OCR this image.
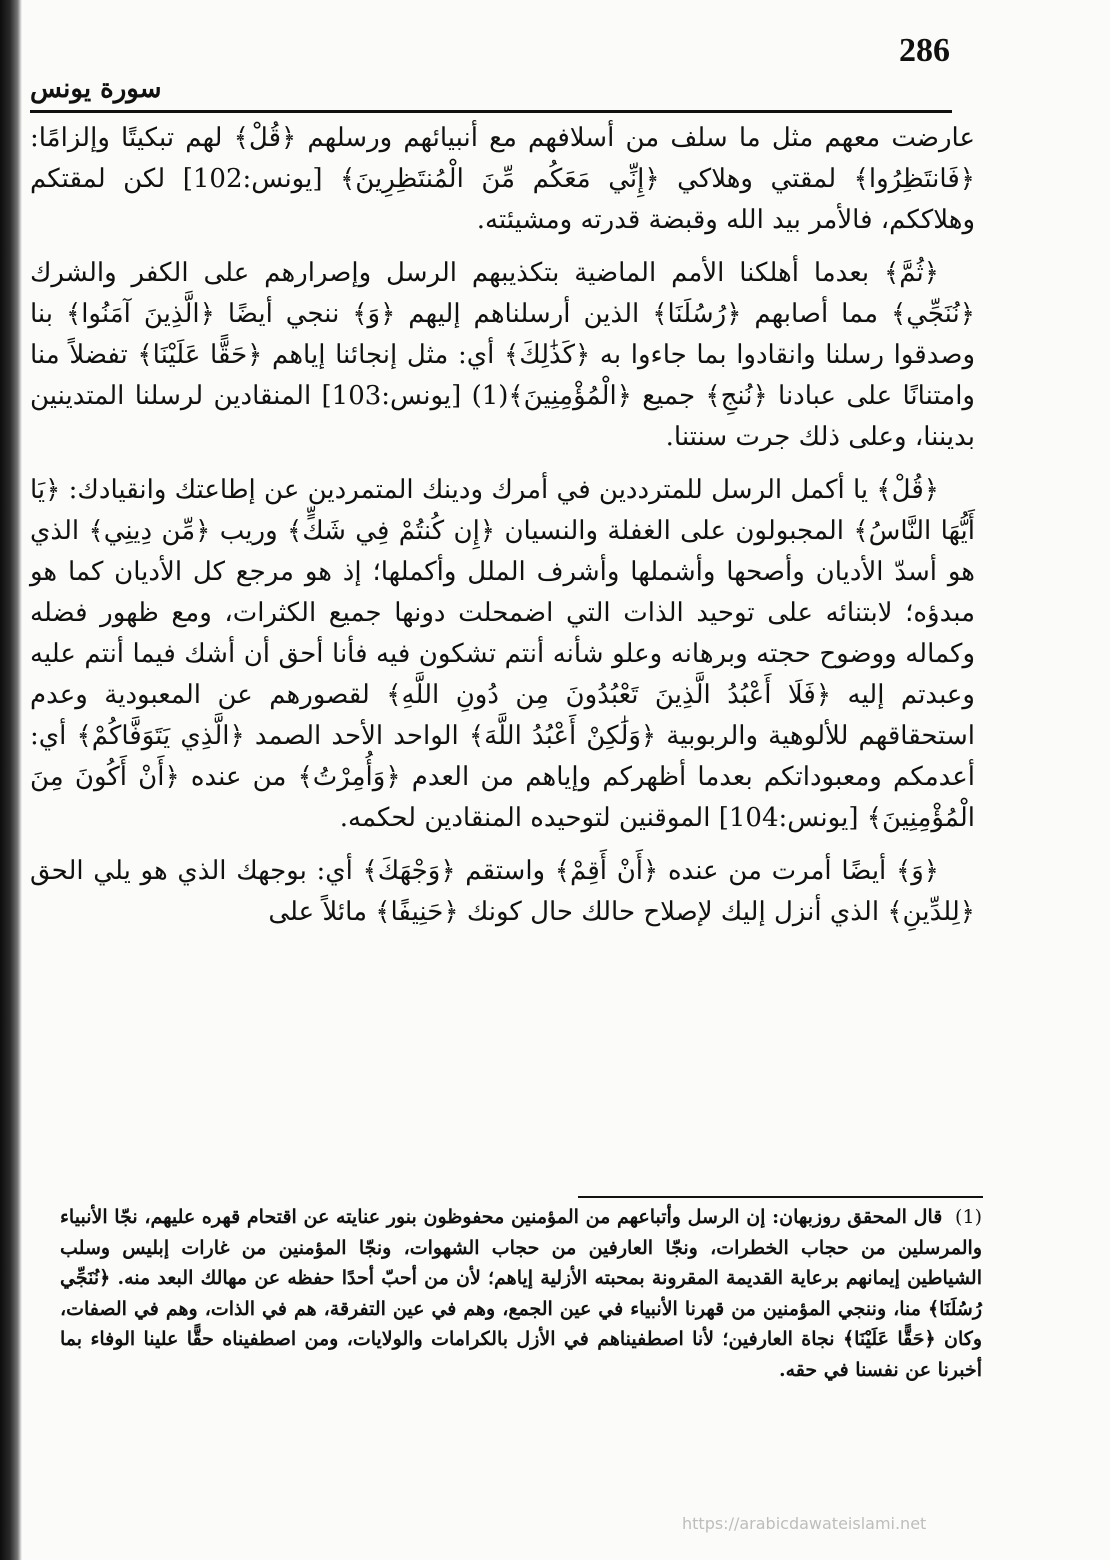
286
سورة يونس

عارضت معهم مثل ما سلف من أسلافهم مع أنبيائهم ورسلهم ﴿قُلْ﴾ لهم تبكيتًا وإلزامًا: ﴿فَانتَظِرُوا﴾ لمقتي وهلاكي ﴿إِنِّي مَعَكُم مِّنَ الْمُنتَظِرِينَ﴾ [يونس:102] لكن لمقتكم وهلاككم، فالأمر بيد الله وقبضة قدرته ومشيئته.

﴿ثُمَّ﴾ بعدما أهلكنا الأمم الماضية بتكذيبهم الرسل وإصرارهم على الكفر والشرك ﴿نُنَجِّي﴾ مما أصابهم ﴿رُسُلَنَا﴾ الذين أرسلناهم إليهم ﴿وَ﴾ ننجي أيضًا ﴿الَّذِينَ آمَنُوا﴾ بنا وصدقوا رسلنا وانقادوا بما جاءوا به ﴿كَذَٰلِكَ﴾ أي: مثل إنجائنا إياهم ﴿حَقًّا عَلَيْنَا﴾ تفضلاً منا وامتنانًا على عبادنا ﴿نُنجِ﴾ جميع ﴿الْمُؤْمِنِينَ﴾(1) [يونس:103] المنقادين لرسلنا المتدينين بديننا، وعلى ذلك جرت سنتنا.

﴿قُلْ﴾ يا أكمل الرسل للمترددين في أمرك ودينك المتمردين عن إطاعتك وانقيادك: ﴿يَا أَيُّهَا النَّاسُ﴾ المجبولون على الغفلة والنسيان ﴿إِن كُنتُمْ فِي شَكٍّ﴾ وريب ﴿مِّن دِينِي﴾ الذي هو أسدّ الأديان وأصحها وأشملها وأشرف الملل وأكملها؛ إذ هو مرجع كل الأديان كما هو مبدؤه؛ لابتنائه على توحيد الذات التي اضمحلت دونها جميع الكثرات، ومع ظهور فضله وكماله ووضوح حجته وبرهانه وعلو شأنه أنتم تشكون فيه فأنا أحق أن أشك فيما أنتم عليه وعبدتم إليه ﴿فَلَا أَعْبُدُ الَّذِينَ تَعْبُدُونَ مِن دُونِ اللَّهِ﴾ لقصورهم عن المعبودية وعدم استحقاقهم للألوهية والربوبية ﴿وَلَٰكِنْ أَعْبُدُ اللَّهَ﴾ الواحد الأحد الصمد ﴿الَّذِي يَتَوَفَّاكُمْ﴾ أي: أعدمكم ومعبوداتكم بعدما أظهركم وإياهم من العدم ﴿وَأُمِرْتُ﴾ من عنده ﴿أَنْ أَكُونَ مِنَ الْمُؤْمِنِينَ﴾ [يونس:104] الموقنين لتوحيده المنقادين لحكمه.

﴿وَ﴾ أيضًا أمرت من عنده ﴿أَنْ أَقِمْ﴾ واستقم ﴿وَجْهَكَ﴾ أي: بوجهك الذي هو يلي الحق ﴿لِلدِّينِ﴾ الذي أنزل إليك لإصلاح حالك حال كونك ﴿حَنِيفًا﴾ مائلاً على

(1) قال المحقق روزبهان: إن الرسل وأتباعهم من المؤمنين محفوظون بنور عنايته عن اقتحام قهره عليهم، نجّا الأنبياء والمرسلين من حجاب الخطرات، ونجّا العارفين من حجاب الشهوات، ونجّا المؤمنين من غارات إبليس وسلب الشياطين إيمانهم برعاية القديمة المقرونة بمحبته الأزلية إياهم؛ لأن من أحبّ أحدًا حفظه عن مهالك البعد منه. ﴿نُنَجِّي رُسُلَنَا﴾ منا، وننجي المؤمنين من قهرنا الأنبياء في عين الجمع، وهم في عين التفرقة، هم في الذات، وهم في الصفات، وكان ﴿حَقًّا عَلَيْنَا﴾ نجاة العارفين؛ لأنا اصطفيناهم في الأزل بالكرامات والولايات، ومن اصطفيناه حقًّا علينا الوفاء بما أخبرنا عن نفسنا في حقه.
https://arabicdawateislami.net
